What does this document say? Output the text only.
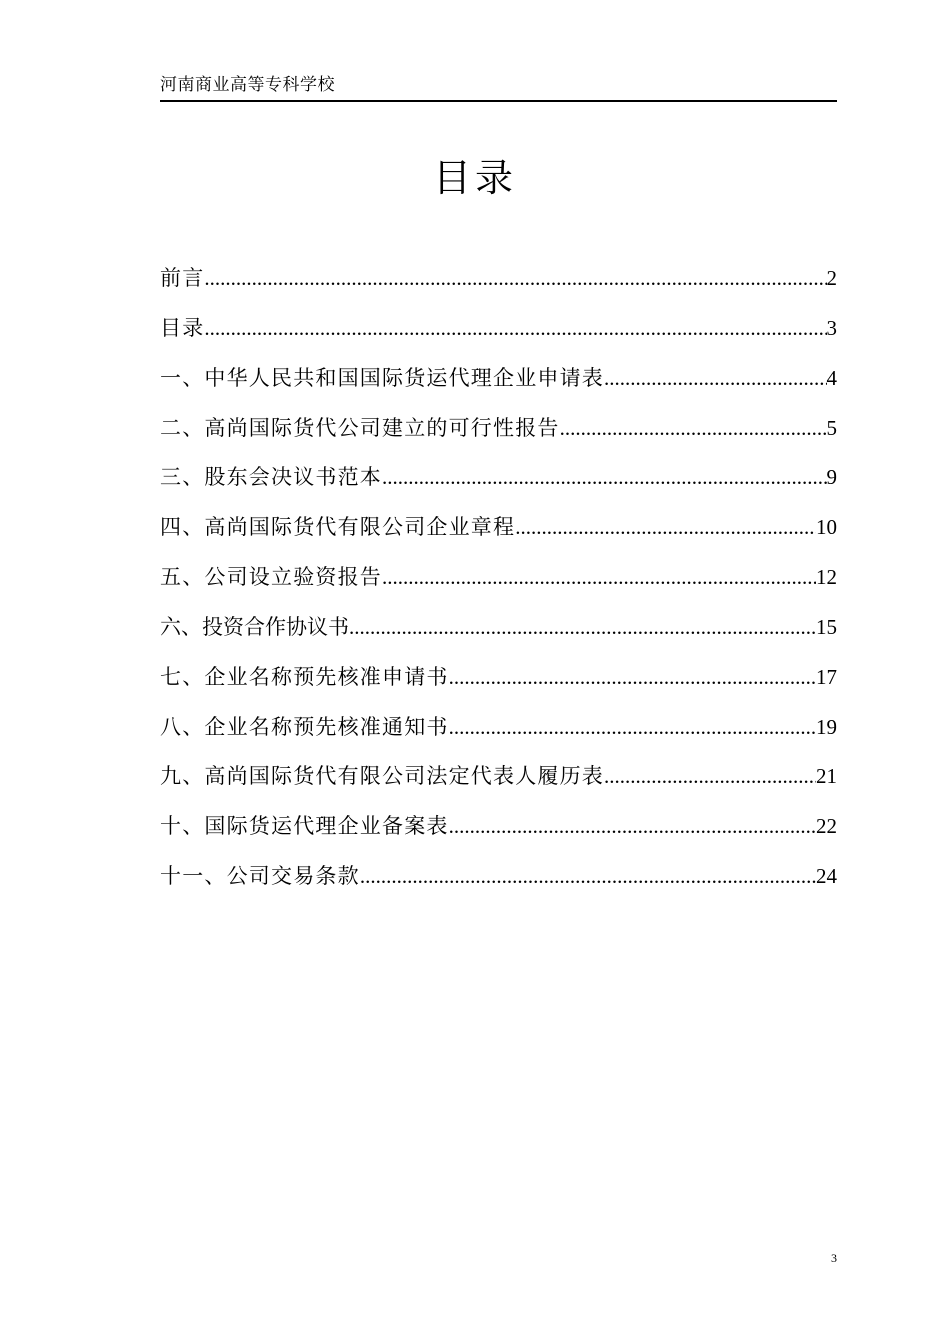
河南商业高等专科学校
目录
前言 .....	2
目录 .....	3
一、中华人民共和国国际货运代理企业申请表 .....	4
二、高尚国际货代公司建立的可行性报告 .....	5
三、股东会决议书范本 .....	9
四、高尚国际货代有限公司企业章程 .....	10
五、公司设立验资报告 .....	12
六、投资合作协议书 .....	15
七、企业名称预先核准申请书 .....	17
八、企业名称预先核准通知书 .....	19
九、高尚国际货代有限公司法定代表人履历表 .....	21
十、国际货运代理企业备案表 .....	22
十一、公司交易条款 .....	24
3
